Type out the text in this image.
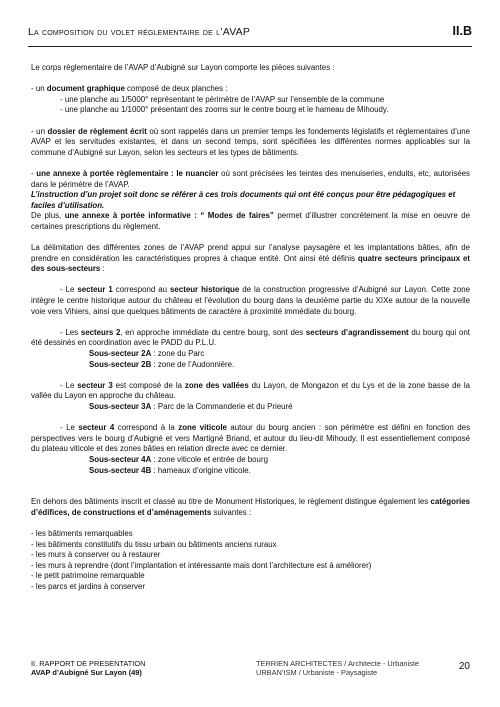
La composition du volet réglementaire de l’AVAP	II.B

Le corps règlementaire de l’AVAP d’Aubigné sur Layon comporte les pièces suivantes :

- un document graphique composé de deux planches :

- une planche au 1/5000° représentant le périmètre de l’AVAP sur l’ensemble de la commune

- une planche au 1/1000° présentant des zooms sur le centre bourg et le hameau de Mihoudy.

- un dossier de règlement écrit où sont rappelés dans un premier temps les fondements législatifs et règlementaires d’une AVAP et les servitudes existantes, et dans un second temps, sont spécifiées les différentes normes applicables sur la commune d’Aubigné sur Layon, selon les secteurs et les types de bâtiments.

- une annexe à portée règlementaire : le nuancier où sont précisées les teintes des menuiseries, enduits, etc, autorisées dans le périmètre de l’AVAP.

L’instruction d’un projet soit donc se référer à ces trois documents qui ont été conçus pour être pédagogiques et faciles d’utilisation.

De plus, une annexe à portée informative : “ Modes de faires” permet d’illustrer concrètement la mise en oeuvre de certaines prescriptions du règlement.

La délimitation des différentes zones de l’AVAP prend appui sur l’analyse paysagère et les implantations bâties, afin de prendre en considération les caractéristiques propres à chaque entité. Ont ainsi été définis quatre secteurs principaux et des sous-secteurs :

- Le secteur 1 correspond au secteur historique de la construction progressive d’Aubigné sur Layon. Cette zone intègre le centre historique autour du château et l’évolution du bourg dans la deuxième partie du XIXe autour de la nouvelle voie vers Vihiers, ainsi que quelques bâtiments de caractère à proximité immédiate du bourg.

- Les secteurs 2, en approche immédiate du centre bourg, sont des secteurs d’agrandissement du bourg qui ont été dessinés en coordination avec le PADD du P.L.U.

Sous-secteur 2A : zone du Parc

Sous-secteur 2B : zone de l’Audonnière.

- Le secteur 3 est composé de la zone des vallées du Layon, de Mongazon et du Lys et de la zone basse de la vallée du Layon en approche du château.

Sous-secteur 3A : Parc de la Commanderie et du Prieuré

- Le secteur 4 correspond à la zone viticole autour du bourg ancien : son périmètre est défini en fonction des perspectives vers le bourg d’Aubigné et vers Martigné Briand, et autour du lieu-dit Mihoudy. Il est essentiellement composé du plateau viticole et des zones bâties en relation directe avec ce dernier.

Sous-secteur 4A : zone viticole et entrée de bourg

Sous-secteur 4B : hameaux d’origine viticole.

En dehors des bâtiments inscrit et classé au titre de Monument Historiques, le règlement distingue également les catégories d’édifices, de constructions et d’aménagements suivantes :

- les bâtiments remarquables

- les bâtiments constitutifs du tissu urbain ou bâtiments anciens ruraux

- les murs à conserver ou à restaurer

- les murs à reprendre (dont l’implantation et intéressante mais dont l’architecture est à améliorer)

- le petit patrimoine remarquable

- les parcs et jardins à conserver

II. RAPPORT DE PRESENTATION
AVAP d’Aubigné Sur Layon (49)
TERRIEN ARCHITECTES / Architecte - Urbaniste
URBAN’ISM / Urbaniste - Paysagiste
20
